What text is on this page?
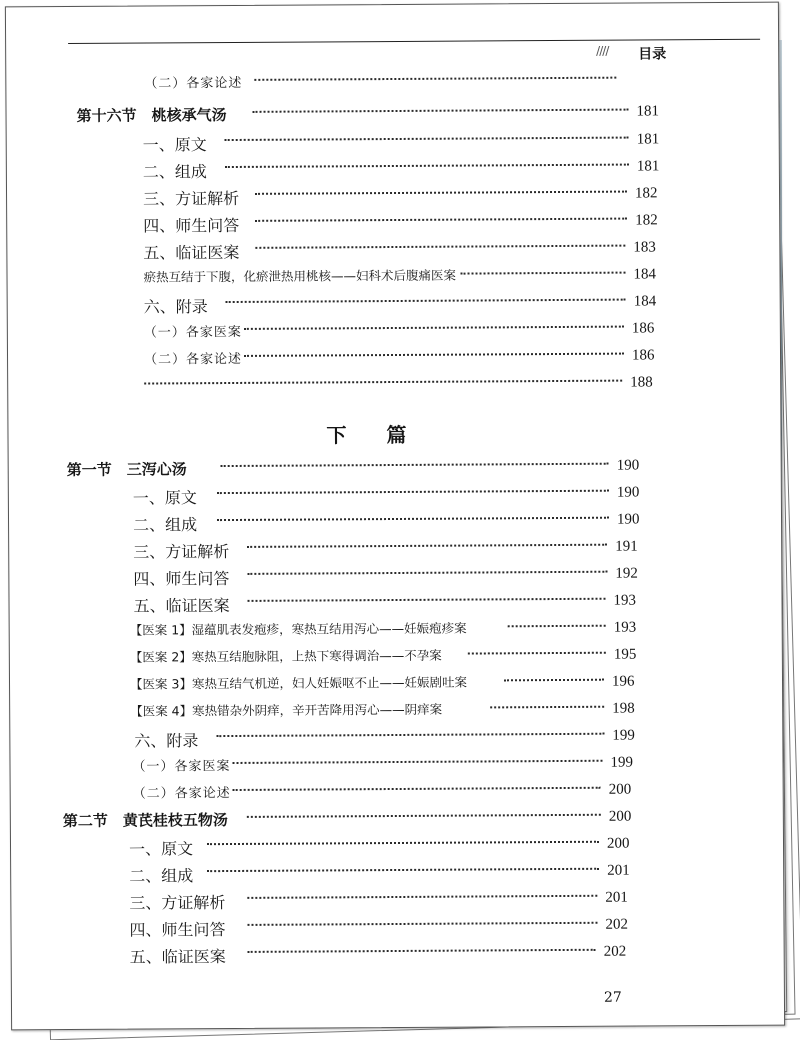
//// 目录
（二）各家论述
第十六节　桃核承气汤	181
一、原文	181
二、组成	181
三、方证解析	182
四、师生问答	182
五、临证医案	183
瘀热互结于下腹，化瘀泄热用桃核——妇科术后腹痛医案	184
六、附录	184
（一）各家医案	186
（二）各家论述	186
188
下篇
第一节　三泻心汤	190
一、原文	190
二、组成	190
三、方证解析	191
四、师生问答	192
五、临证医案	193
【医案 1】湿蕴肌表发疱疹，寒热互结用泻心——妊娠疱疹案	193
【医案 2】寒热互结胞脉阻，上热下寒得调治——不孕案	195
【医案 3】寒热互结气机逆，妇人妊娠呕不止——妊娠剧吐案	196
【医案 4】寒热错杂外阴痒，辛开苦降用泻心——阴痒案	198
六、附录	199
（一）各家医案	199
（二）各家论述	200
第二节　黄芪桂枝五物汤	200
一、原文	200
二、组成	201
三、方证解析	201
四、师生问答	202
五、临证医案	202
27
